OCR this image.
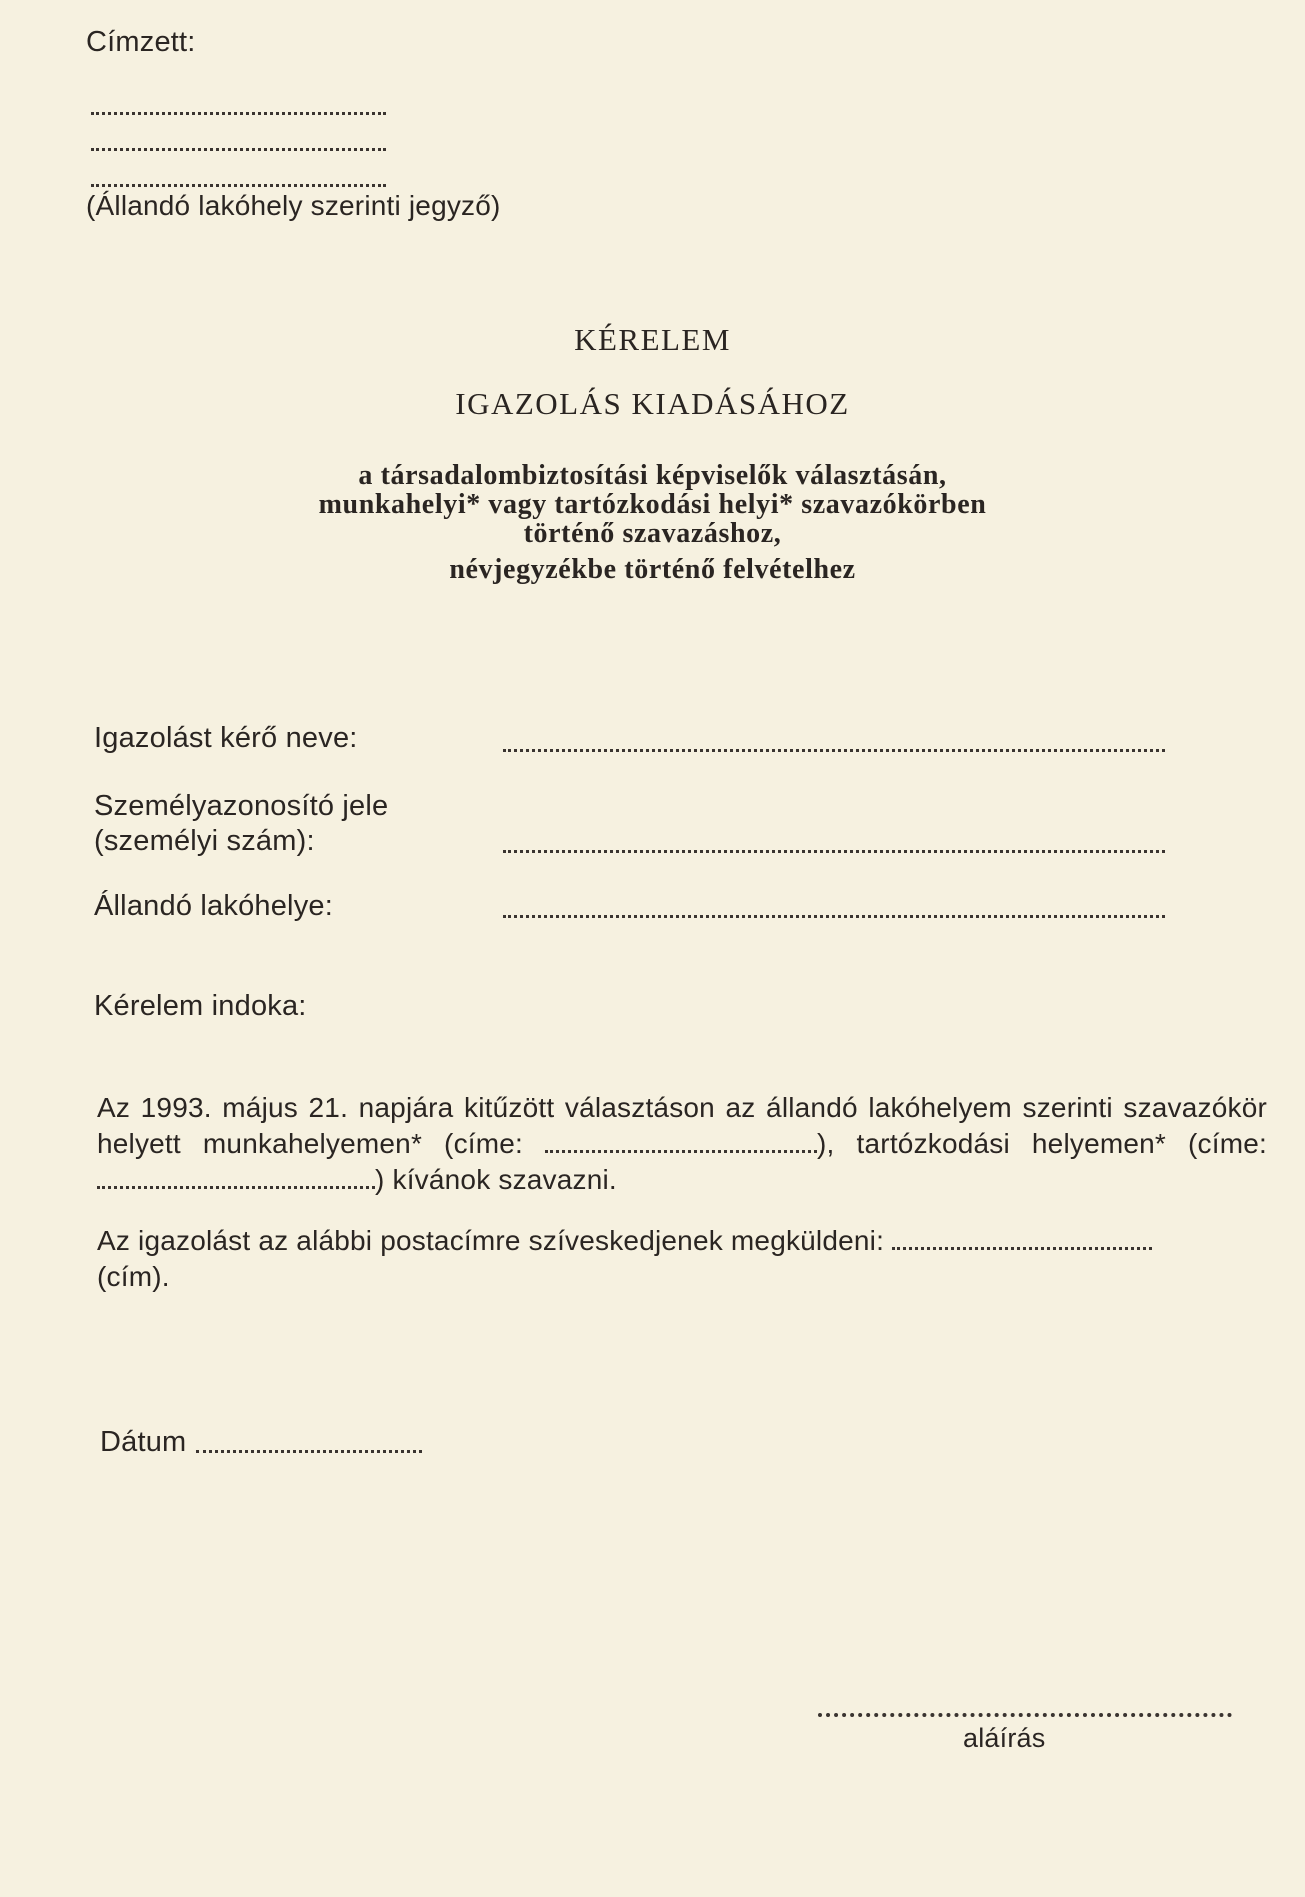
Címzett:
(Állandó lakóhely szerinti jegyző)
KÉRELEM
IGAZOLÁS KIADÁSÁHOZ
a társadalombiztosítási képviselők választásán,
munkahelyi* vagy tartózkodási helyi* szavazókörben
történő szavazáshoz,
névjegyzékbe történő felvételhez
Igazolást kérő neve:
Személyazonosító jele
(személyi szám):
Állandó lakóhelye:
Kérelem indoka:
Az 1993. május 21. napjára kitűzött választáson az állandó lakóhelyem szerinti szavazókör helyett munkahelyemen* (címe:	), tartózkodási helyemen* (címe: ) kívánok szavazni.
Az igazolást az alábbi postacímre szíveskedjenek megküldeni:
(cím).
Dátum
aláírás
